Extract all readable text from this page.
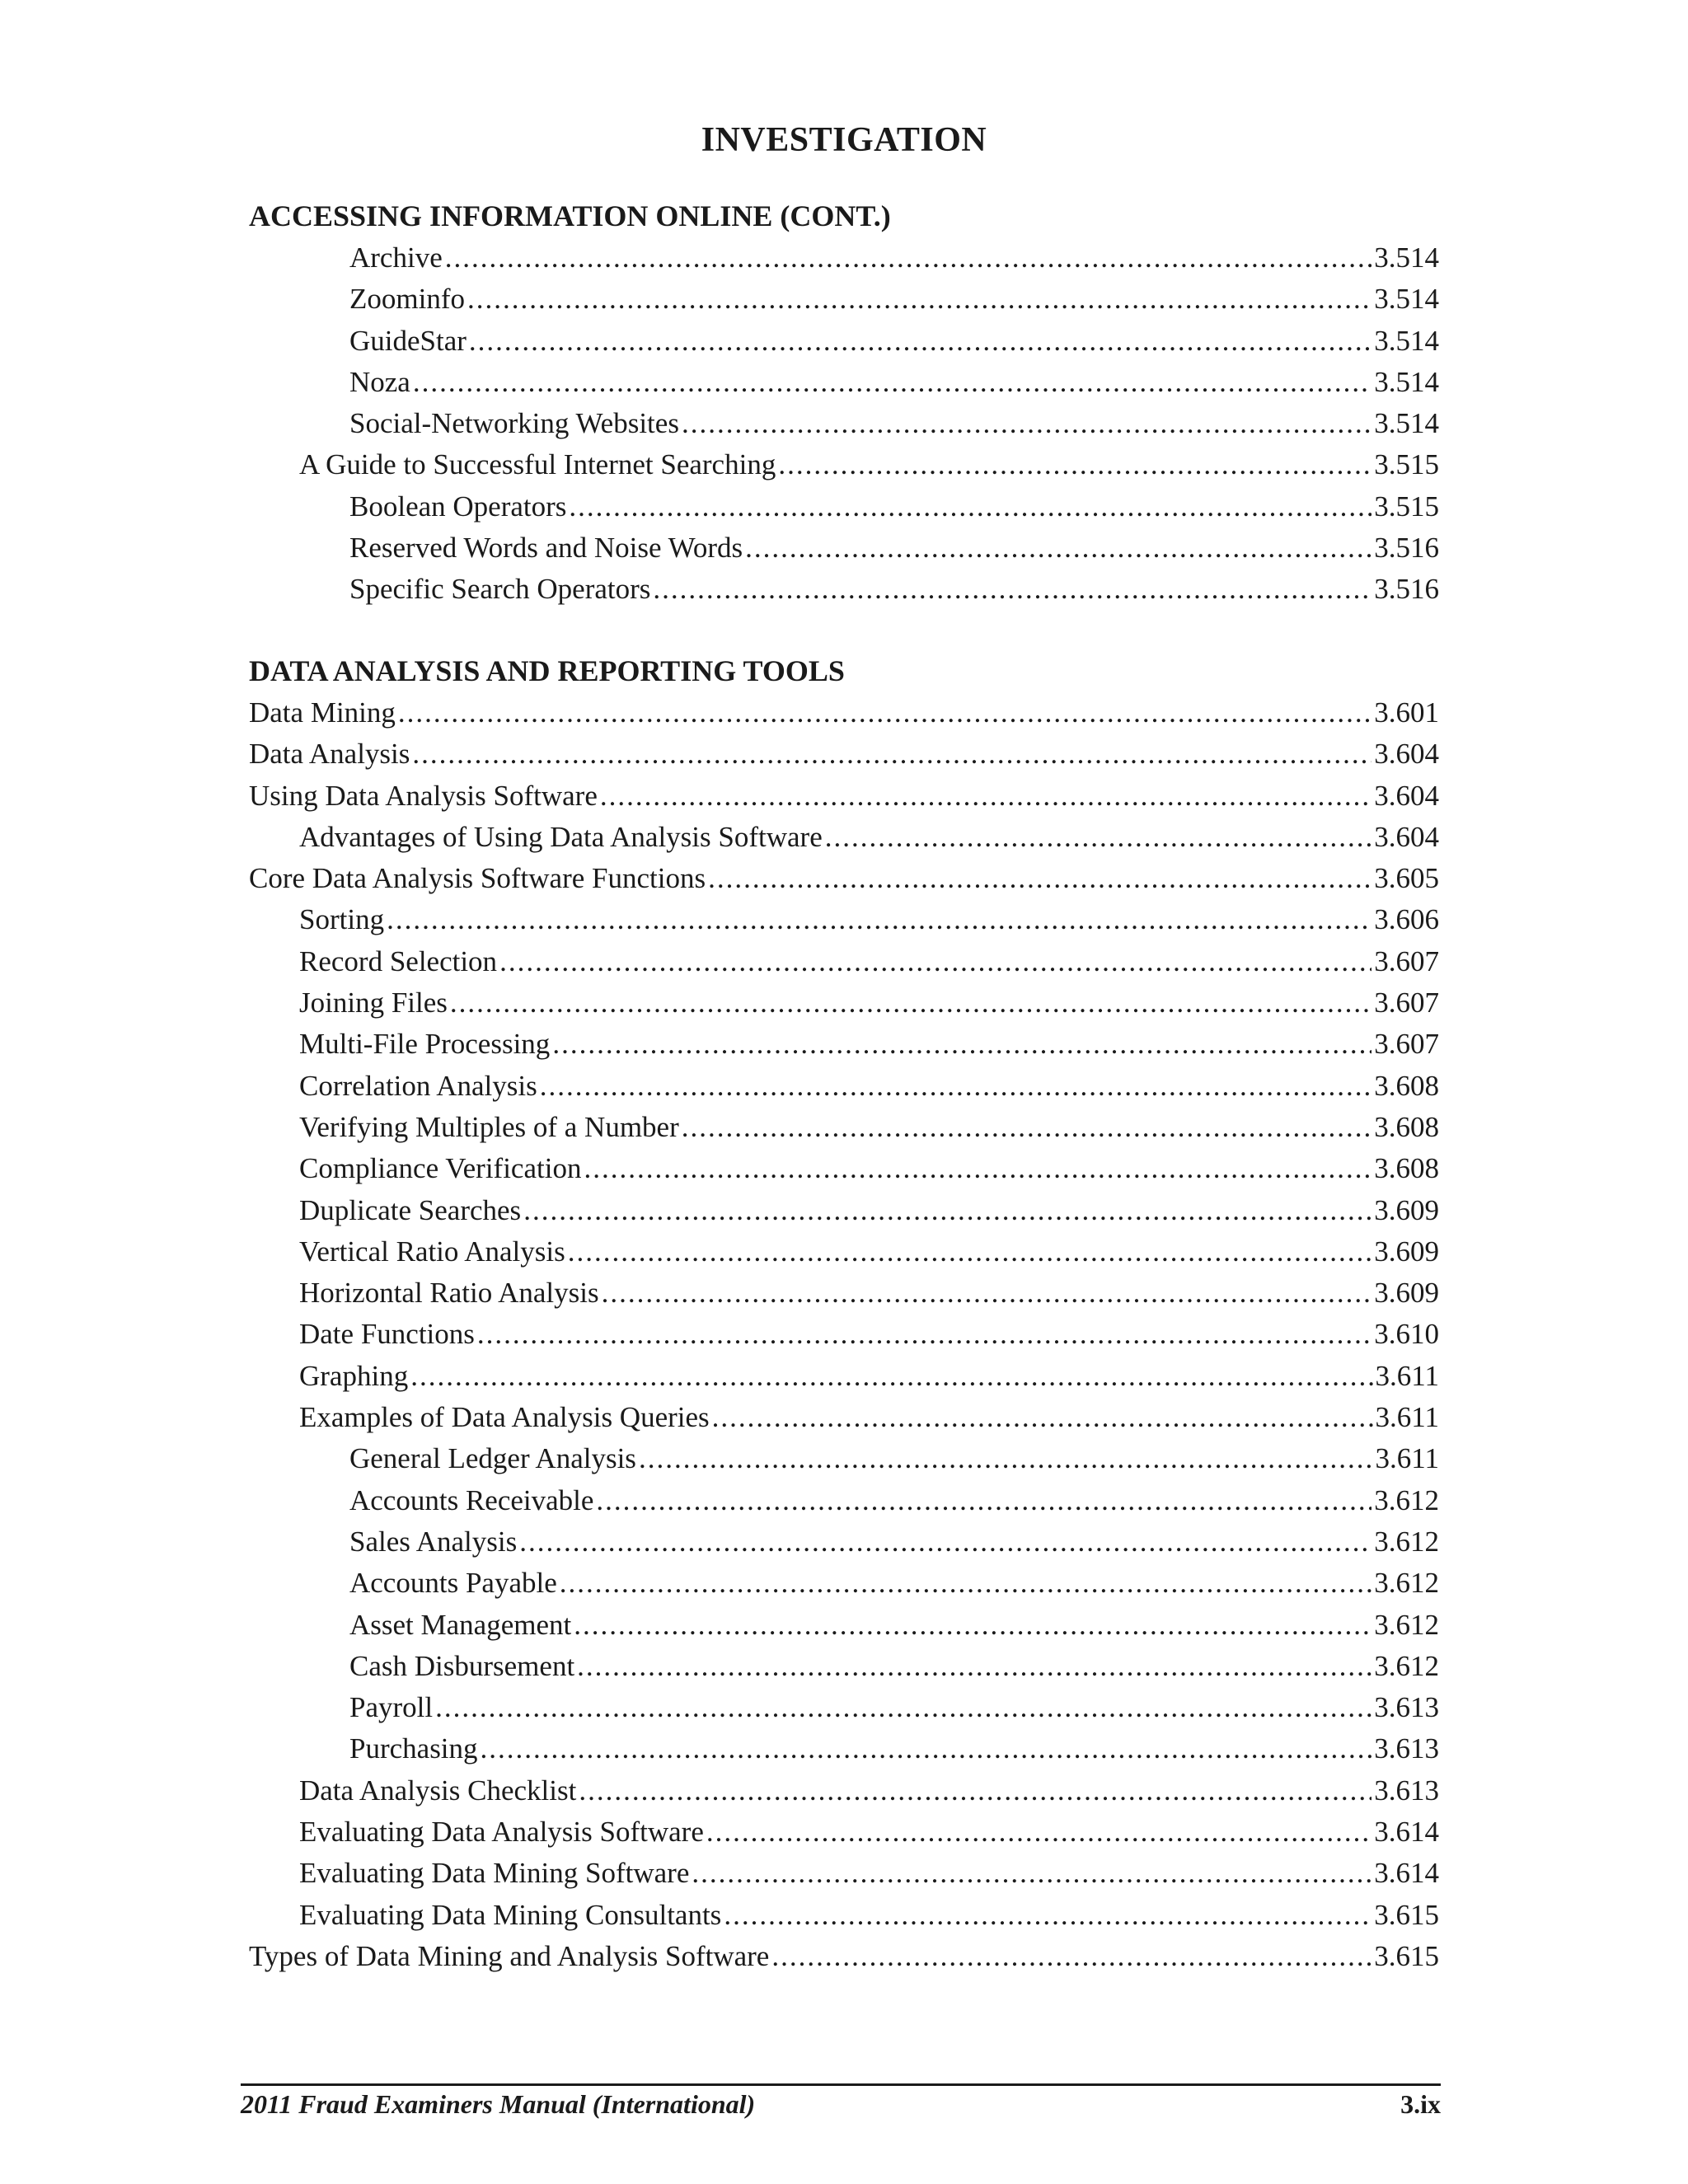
INVESTIGATION
ACCESSING INFORMATION ONLINE (CONT.)
Archive .....	3.514
Zoominfo .....	3.514
GuideStar .....	3.514
Noza .....	3.514
Social-Networking Websites .....	3.514
A Guide to Successful Internet Searching .....	3.515
Boolean Operators .....	3.515
Reserved Words and Noise Words .....	3.516
Specific Search Operators .....	3.516
DATA ANALYSIS AND REPORTING TOOLS
Data Mining .....	3.601
Data Analysis .....	3.604
Using Data Analysis Software .....	3.604
Advantages of Using Data Analysis Software .....	3.604
Core Data Analysis Software Functions .....	3.605
Sorting .....	3.606
Record Selection .....	3.607
Joining Files .....	3.607
Multi-File Processing .....	3.607
Correlation Analysis .....	3.608
Verifying Multiples of a Number .....	3.608
Compliance Verification .....	3.608
Duplicate Searches .....	3.609
Vertical Ratio Analysis .....	3.609
Horizontal Ratio Analysis .....	3.609
Date Functions .....	3.610
Graphing .....	3.611
Examples of Data Analysis Queries .....	3.611
General Ledger Analysis .....	3.611
Accounts Receivable .....	3.612
Sales Analysis .....	3.612
Accounts Payable .....	3.612
Asset Management .....	3.612
Cash Disbursement .....	3.612
Payroll .....	3.613
Purchasing .....	3.613
Data Analysis Checklist .....	3.613
Evaluating Data Analysis Software .....	3.614
Evaluating Data Mining Software .....	3.614
Evaluating Data Mining Consultants .....	3.615
Types of Data Mining and Analysis Software .....	3.615
2011 Fraud Examiners Manual (International)	3.ix
